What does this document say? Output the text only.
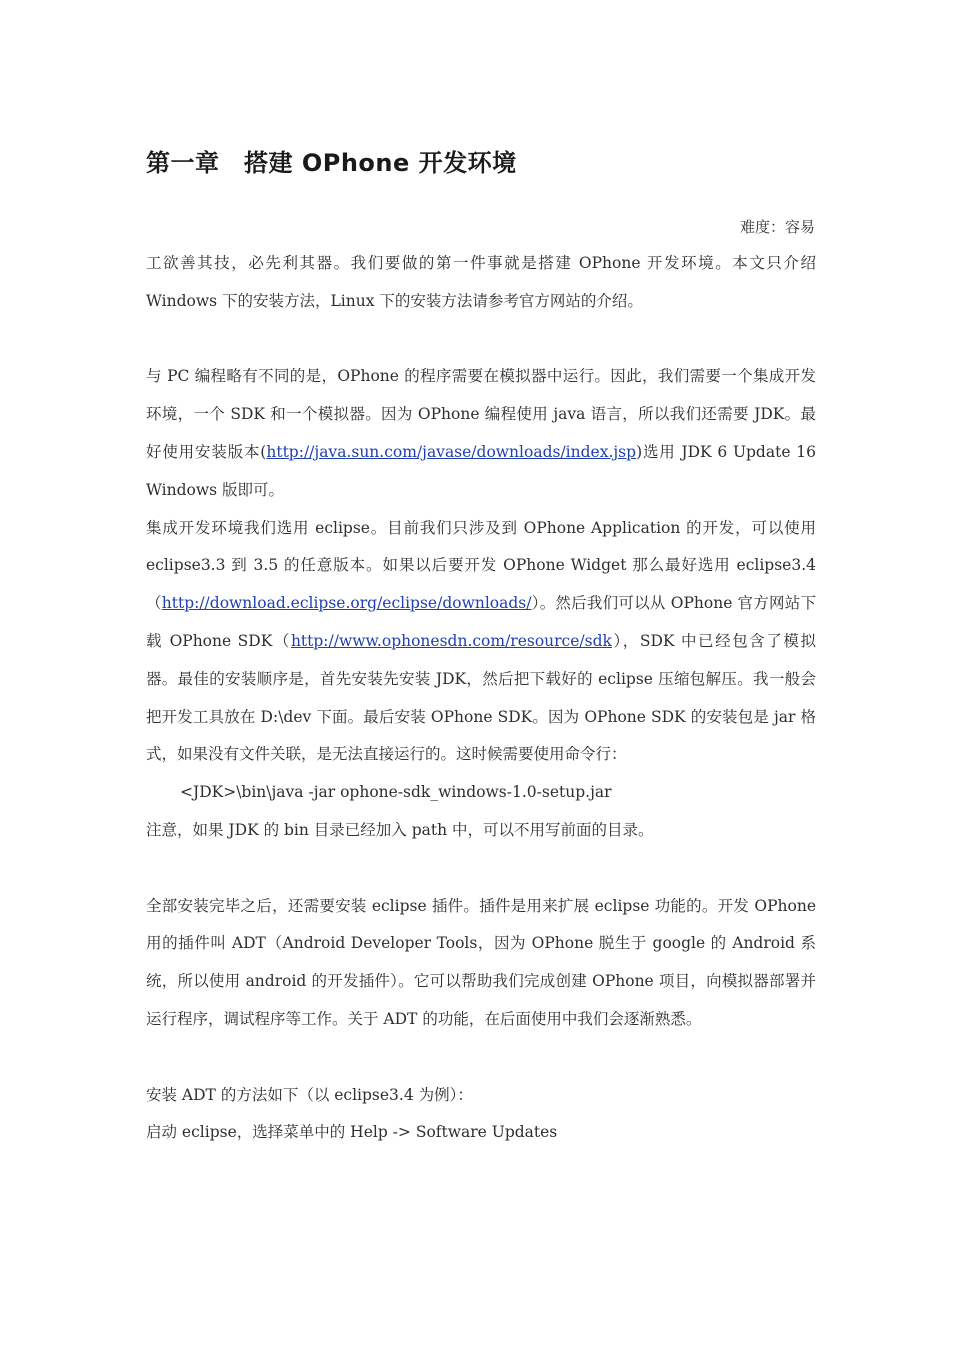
第一章　搭建 OPhone 开发环境
难度：容易

工欲善其技，必先利其器。我们要做的第一件事就是搭建 OPhone 开发环境。本文只介绍 Windows 下的安装方法，Linux 下的安装方法请参考官方网站的介绍。

与 PC 编程略有不同的是，OPhone 的程序需要在模拟器中运行。因此，我们需要一个集成开发环境，一个 SDK 和一个模拟器。因为 OPhone 编程使用 java 语言，所以我们还需要 JDK。最好使用安装版本(http://java.sun.com/javase/downloads/index.jsp)选用 JDK 6 Update 16 Windows 版即可。

集成开发环境我们选用 eclipse。目前我们只涉及到 OPhone Application 的开发，可以使用 eclipse3.3 到 3.5 的任意版本。如果以后要开发 OPhone Widget 那么最好选用 eclipse3.4（http://download.eclipse.org/eclipse/downloads/）。然后我们可以从 OPhone 官方网站下载 OPhone SDK（http://www.ophonesdn.com/resource/sdk），SDK 中已经包含了模拟器。最佳的安装顺序是，首先安装先安装 JDK，然后把下载好的 eclipse 压缩包解压。我一般会把开发工具放在 D:\dev 下面。最后安装 OPhone SDK。因为 OPhone SDK 的安装包是 jar 格式，如果没有文件关联，是无法直接运行的。这时候需要使用命令行：

<JDK>\bin\java -jar ophone-sdk_windows-1.0-setup.jar

注意，如果 JDK 的 bin 目录已经加入 path 中，可以不用写前面的目录。

全部安装完毕之后，还需要安装 eclipse 插件。插件是用来扩展 eclipse 功能的。开发 OPhone 用的插件叫 ADT（Android Developer Tools，因为 OPhone 脱生于 google 的 Android 系统，所以使用 android 的开发插件）。它可以帮助我们完成创建 OPhone 项目，向模拟器部署并运行程序，调试程序等工作。关于 ADT 的功能，在后面使用中我们会逐渐熟悉。

安装 ADT 的方法如下（以 eclipse3.4 为例）：

启动 eclipse，选择菜单中的 Help -> Software Updates
